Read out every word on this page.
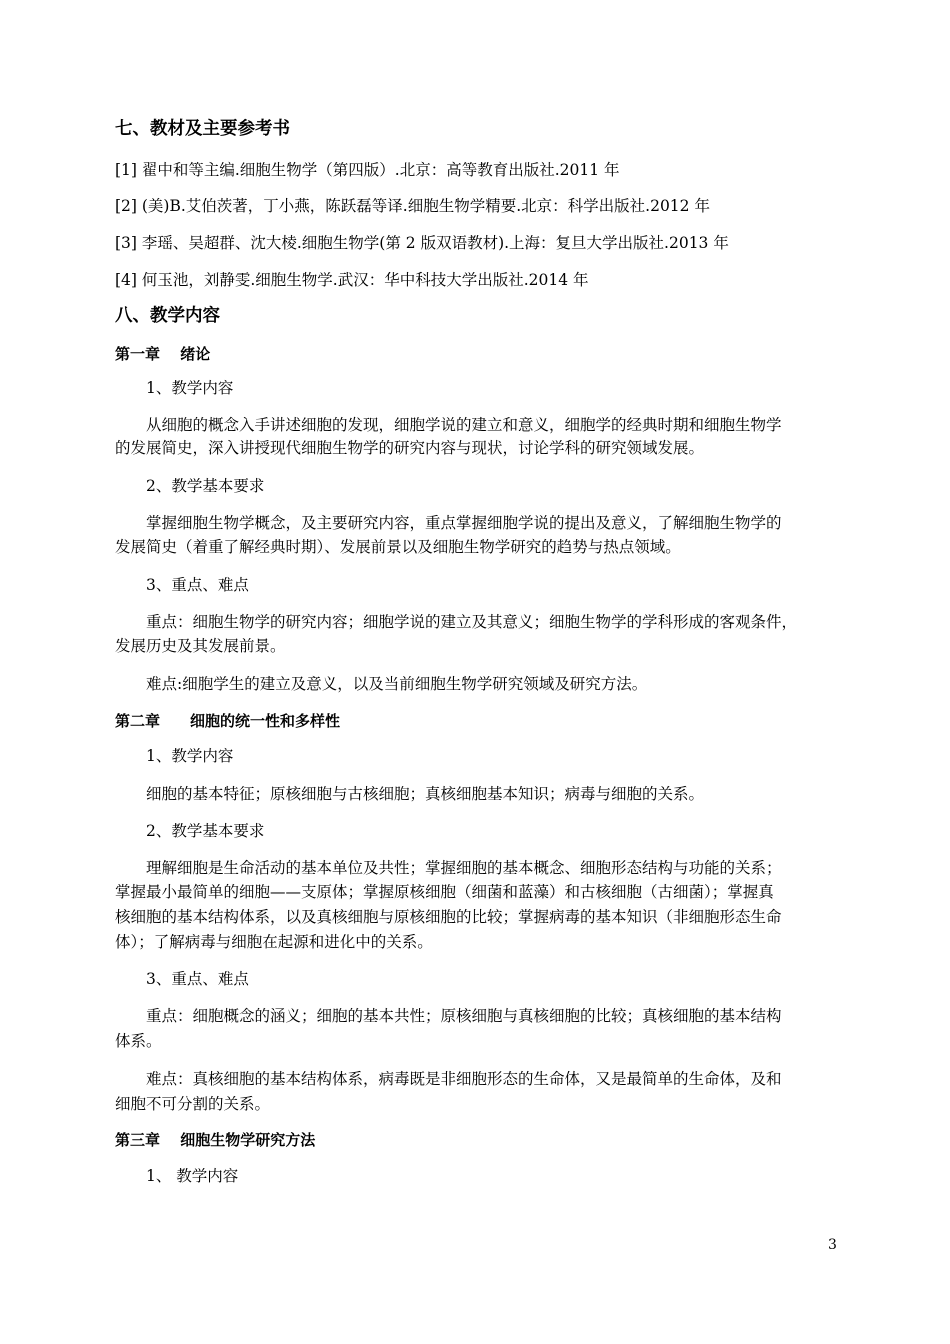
七、教材及主要参考书
[1] 翟中和等主编.细胞生物学（第四版）.北京：高等教育出版社.2011 年
[2] (美)B.艾伯茨著，丁小燕，陈跃磊等译.细胞生物学精要.北京：科学出版社.2012 年
[3] 李瑶、吴超群、沈大棱.细胞生物学(第 2 版双语教材).上海：复旦大学出版社.2013 年
[4] 何玉池，刘静雯.细胞生物学.武汉：华中科技大学出版社.2014 年
八、教学内容
第一章　 绪论
1、教学内容
从细胞的概念入手讲述细胞的发现，细胞学说的建立和意义，细胞学的经典时期和细胞生物学
的发展简史，深入讲授现代细胞生物学的研究内容与现状，讨论学科的研究领域发展。
2、教学基本要求
掌握细胞生物学概念，及主要研究内容，重点掌握细胞学说的提出及意义，了解细胞生物学的
发展简史（着重了解经典时期）、发展前景以及细胞生物学研究的趋势与热点领域。
3、重点、难点
重点：细胞生物学的研究内容；细胞学说的建立及其意义；细胞生物学的学科形成的客观条件，
发展历史及其发展前景。
难点:细胞学生的建立及意义，以及当前细胞生物学研究领域及研究方法。
第二章　　细胞的统一性和多样性
1、教学内容
细胞的基本特征；原核细胞与古核细胞；真核细胞基本知识；病毒与细胞的关系。
2、教学基本要求
理解细胞是生命活动的基本单位及共性；掌握细胞的基本概念、细胞形态结构与功能的关系；
掌握最小最简单的细胞——支原体；掌握原核细胞（细菌和蓝藻）和古核细胞（古细菌）；掌握真
核细胞的基本结构体系，以及真核细胞与原核细胞的比较；掌握病毒的基本知识（非细胞形态生命
体）；了解病毒与细胞在起源和进化中的关系。
3、重点、难点
重点：细胞概念的涵义；细胞的基本共性；原核细胞与真核细胞的比较；真核细胞的基本结构
体系。
难点：真核细胞的基本结构体系，病毒既是非细胞形态的生命体，又是最简单的生命体，及和
细胞不可分割的关系。
第三章　 细胞生物学研究方法
1、 教学内容
3
